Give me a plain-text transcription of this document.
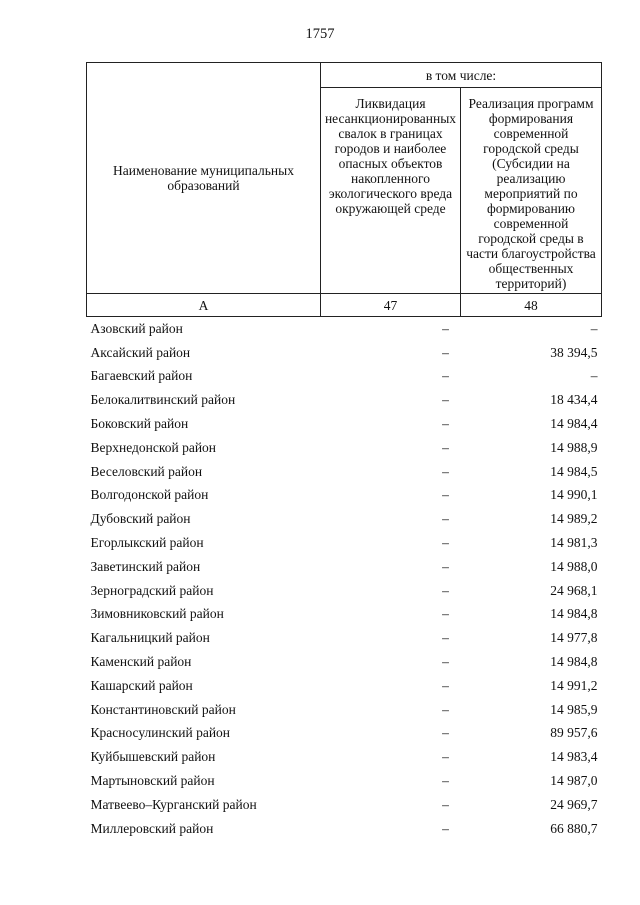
1757
Наименование муниципальных образований	в том числе:	
	Ликвидация несанкционированных свалок в границах городов и наиболее опасных объектов накопленного экологического вреда окружающей среде	Реализация программ формирования современной городской среды (Субсидии на реализацию мероприятий по формированию современной городской среды в части благоустройства общественных территорий)
А	47	48
Азовский район	–	–
Аксайский район	–	38 394,5
Багаевский район	–	–
Белокалитвинский район	–	18 434,4
Боковский район	–	14 984,4
Верхнедонской район	–	14 988,9
Веселовский район	–	14 984,5
Волгодонской район	–	14 990,1
Дубовский район	–	14 989,2
Егорлыкский район	–	14 981,3
Заветинский район	–	14 988,0
Зерноградский район	–	24 968,1
Зимовниковский район	–	14 984,8
Кагальницкий район	–	14 977,8
Каменский район	–	14 984,8
Кашарский район	–	14 991,2
Константиновский район	–	14 985,9
Красносулинский район	–	89 957,6
Куйбышевский район	–	14 983,4
Мартыновский район	–	14 987,0
Матвеево–Курганский район	–	24 969,7
Миллеровский район	–	66 880,7
